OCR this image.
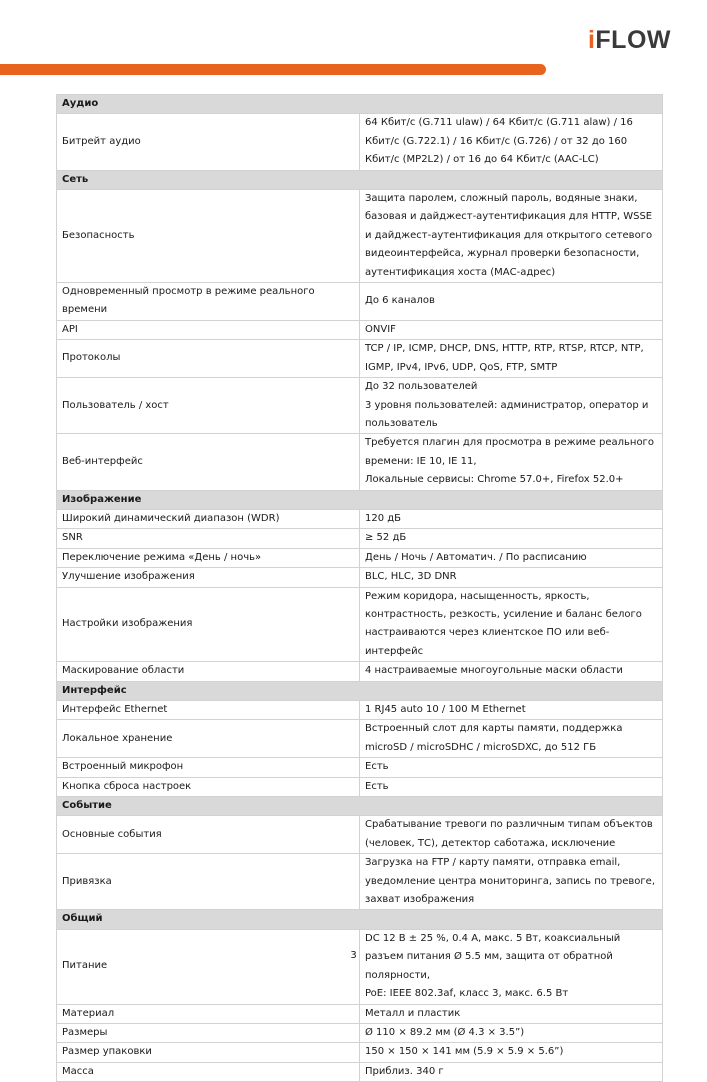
iFLOW
Аудио	
Битрейт аудио	64 Кбит/с (G.711 ulaw) / 64 Кбит/с (G.711 alaw) / 16 Кбит/с (G.722.1) / 16 Кбит/с (G.726) / от 32 до 160 Кбит/с (MP2L2) / от 16 до 64 Кбит/с (AAC-LC)

Сеть	
Безопасность	Защита паролем, сложный пароль, водяные знаки, базовая и дайджест-аутентификация для HTTP, WSSE и дайджест-аутентификация для открытого сетевого видеоинтерфейса, журнал проверки безопасности, аутентификация хоста (МАС-адрес)

Одновременный просмотр в режиме реального времени	До 6 каналов

API	ONVIF

Протоколы	TCP / IP, ICMP, DHCP, DNS, HTTP, RTP, RTSP, RTCP, NTP, IGMP, IPv4, IPv6, UDP, QoS, FTP, SMTP

Пользователь / хост	До 32 пользователей
3 уровня пользователей: администратор, оператор и пользователь

Веб-интерфейс	Требуется плагин для просмотра в режиме реального времени: IE 10, IE 11,
Локальные сервисы: Chrome 57.0+, Firefox 52.0+

Изображение	
Широкий динамический диапазон (WDR)	120 дБ

SNR	≥ 52 дБ

Переключение режима «День / ночь»	День / Ночь / Автоматич. / По расписанию

Улучшение изображения	BLC, HLC, 3D DNR

Настройки изображения	Режим коридора, насыщенность, яркость, контрастность, резкость, усиление и баланс белого настраиваются через клиентское ПО или веб-интерфейс

Маскирование области	4 настраиваемые многоугольные маски области

Интерфейс	
Интерфейс Ethernet	1 RJ45 auto 10 / 100 M Ethernet

Локальное хранение	Встроенный слот для карты памяти, поддержка microSD / microSDHC / microSDXC, до 512 ГБ

Встроенный микрофон	Есть

Кнопка сброса настроек	Есть

Событие	
Основные события	Срабатывание тревоги по различным типам объектов (человек, ТС), детектор саботажа, исключение

Привязка	Загрузка на FTP / карту памяти, отправка email, уведомление центра мониторинга, запись по тревоге, захват изображения

Общий	
Питание	DC 12 В ± 25 %, 0.4 A, макс. 5 Вт, коаксиальный разъем питания Ø 5.5 мм, защита от обратной полярности,
PoE: IEEE 802.3af, класс 3, макс. 6.5 Вт

Материал	Металл и пластик

Размеры	Ø 110 × 89.2 мм (Ø 4.3 × 3.5”)

Размер упаковки	150 × 150 × 141 мм (5.9 × 5.9 × 5.6”)

Масса	Приблиз. 340 г
3
